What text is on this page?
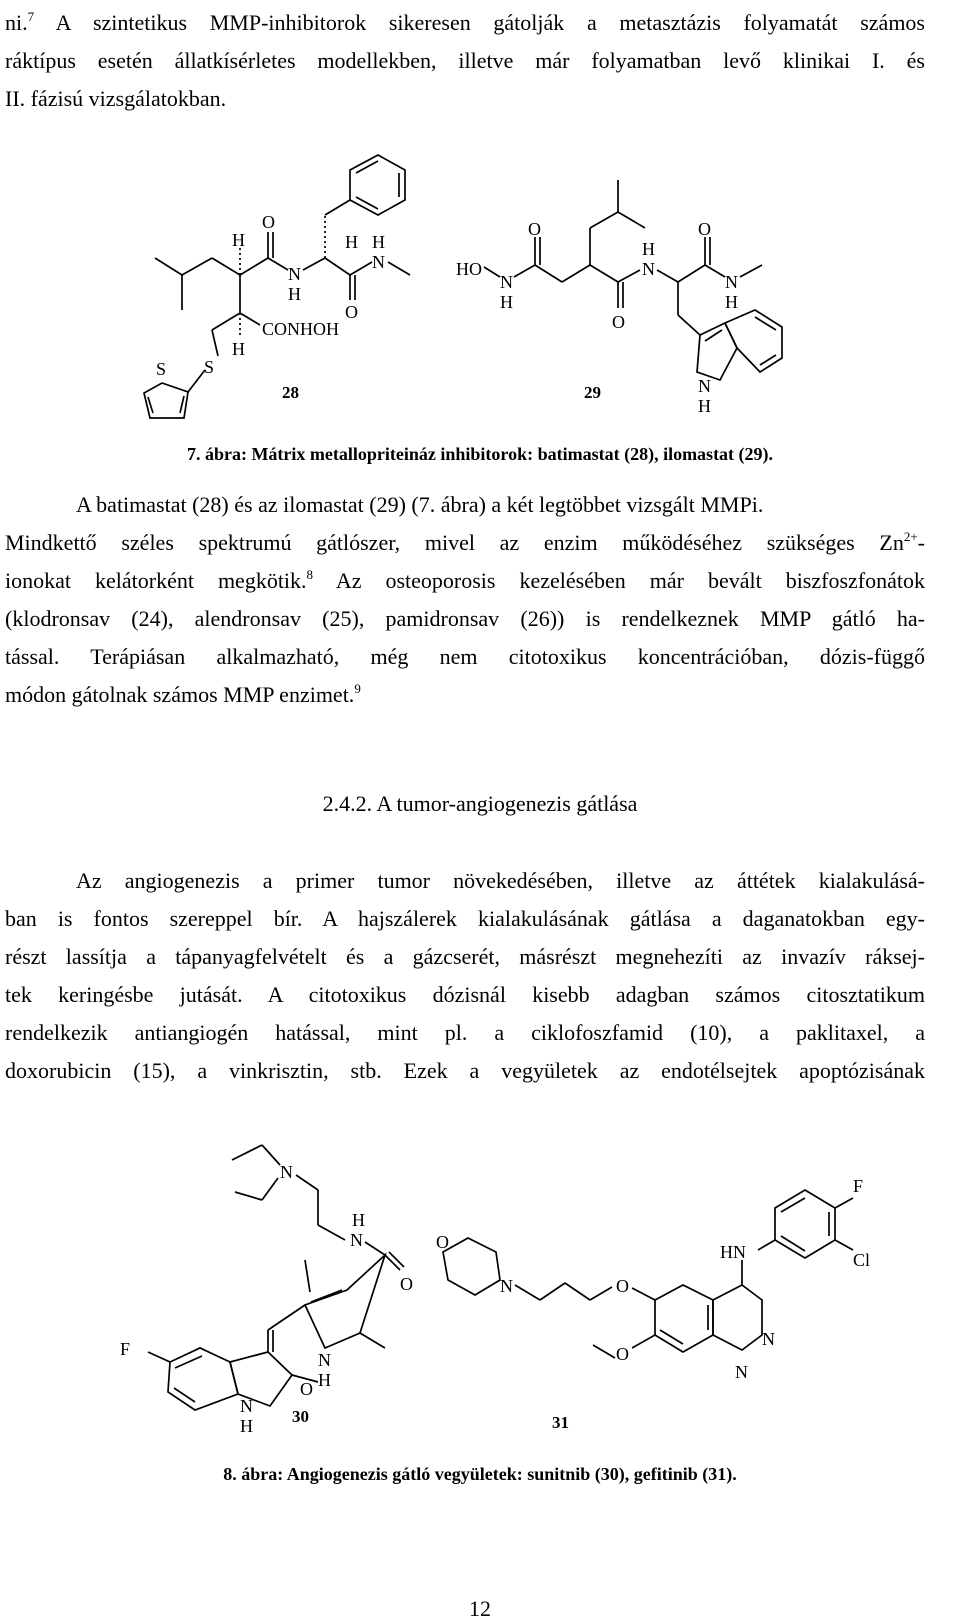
ni.$^7$ A szintetikus MMP-inhibitorok sikeresen gátolják a metasztázis folyamatát számos
ráktípus esetén állatkísérletes modellekben, illetve már folyamatban levő klinikai I. és
II. fázisú vizsgálatokban.
S S
CONHOH
H
H
O
N
H
H
O
H
N
28
HO
N
H
O
O
H
N
O
N
H
N
H
29
7. ábra: Mátrix metallopriteináz inhibitorok: batimastat (28), ilomastat (29).
A batimastat (28) és az ilomastat (29) (7. ábra) a két legtöbbet vizsgált MMPi.
Mindkettő széles spektrumú gátlószer, mivel az enzim működéséhez szükséges $Zn^{2+}-$
ionokat kelátorként megkötik.$^8$ Az osteoporosis kezelésében már bevált biszfoszfonátok
(klodronsav (24), alendronsav (25), pamidronsav (26)) is rendelkeznek MMP gátló ha-
tással. Terápiásan alkalmazható, még nem citotoxikus koncentrációban, dózis-függő
módon gátolnak számos MMP enzimet.$^9$
2.4.2. A tumor-angiogenezis gátlása
Az angiogenezis a primer tumor növekedésében, illetve az áttétek kialakulásá-
ban is fontos szereppel bír. A hajszálerek kialakulásának gátlása a daganatokban egy-
részt lassítja a tápanyagfelvételt és a gázcserét, másrészt megnehezíti az invazív ráksej-
tek keringésbe jutását. A citotoxikus dózisnál kisebb adagban számos citosztatikum
rendelkezik antiangiogén hatással, mint pl. a ciklofoszfamid (10), a paklitaxel, a
doxorubicin (15), a vinkrisztin, stb. Ezek a vegyületek az endotélsejtek apoptózisának
N
H
N
O
N
H
O
N
H
F
30
O
N	O
O
N
N
HN
F
Cl
31
8. ábra: Angiogenezis gátló vegyületek: sunitnib (30), gefitinib (31).
12
